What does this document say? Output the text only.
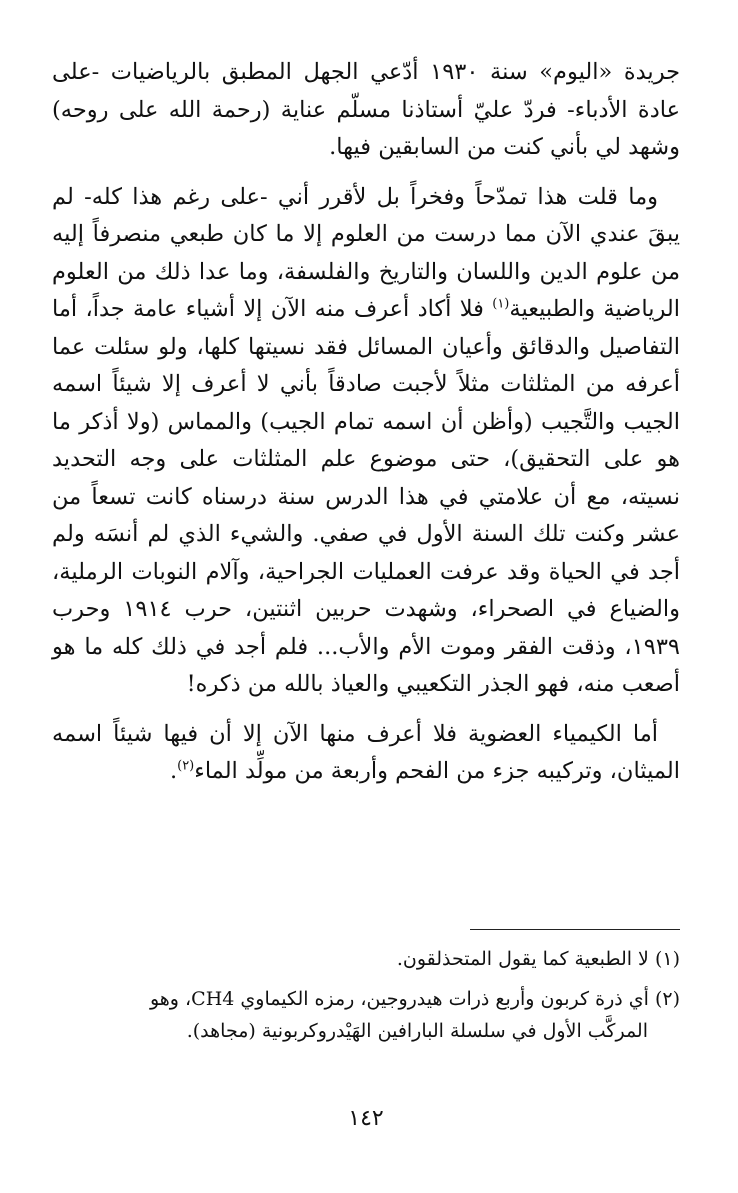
جريدة «اليوم» سنة ١٩٣٠ أدّعي الجهل المطبق بالرياضيات -على عادة الأدباء- فردّ عليّ أستاذنا مسلّم عناية (رحمة الله على روحه) وشهد لي بأني كنت من السابقين فيها.

وما قلت هذا تمدّحاً وفخراً بل لأقرر أني -على رغم هذا كله- لم يبقَ عندي الآن مما درست من العلوم إلا ما كان طبعي منصرفاً إليه من علوم الدين واللسان والتاريخ والفلسفة، وما عدا ذلك من العلوم الرياضية والطبيعية$^{(١)}$ فلا أكاد أعرف منه الآن إلا أشياء عامة جداً، أما التفاصيل والدقائق وأعيان المسائل فقد نسيتها كلها، ولو سئلت عما أعرفه من المثلثات مثلاً لأجبت صادقاً بأني لا أعرف إلا شيئاً اسمه الجيب والتَّجيب (وأظن أن اسمه تمام الجيب) والمماس (ولا أذكر ما هو على التحقيق)، حتى موضوع علم المثلثات على وجه التحديد نسيته، مع أن علامتي في هذا الدرس سنة درسناه كانت تسعاً من عشر وكنت تلك السنة الأول في صفي. والشيء الذي لم أنسَه ولم أجد في الحياة وقد عرفت العمليات الجراحية، وآلام النوبات الرملية، والضياع في الصحراء، وشهدت حربين اثنتين، حرب ١٩١٤ وحرب ١٩٣٩، وذقت الفقر وموت الأم والأب... فلم أجد في ذلك كله ما هو أصعب منه، فهو الجذر التكعيبي والعياذ بالله من ذكره!

أما الكيمياء العضوية فلا أعرف منها الآن إلا أن فيها شيئاً اسمه الميثان، وتركيبه جزء من الفحم وأربعة من مولِّد الماء$^{(٢)}$.

(١) لا الطبعية كما يقول المتحذلقون.

(٢) أي ذرة كربون وأربع ذرات هيدروجين، رمزه الكيماوي CH4، وهو
المركَّب الأول في سلسلة البارافين الهَيْدروكربونية (مجاهد).

١٤٢
